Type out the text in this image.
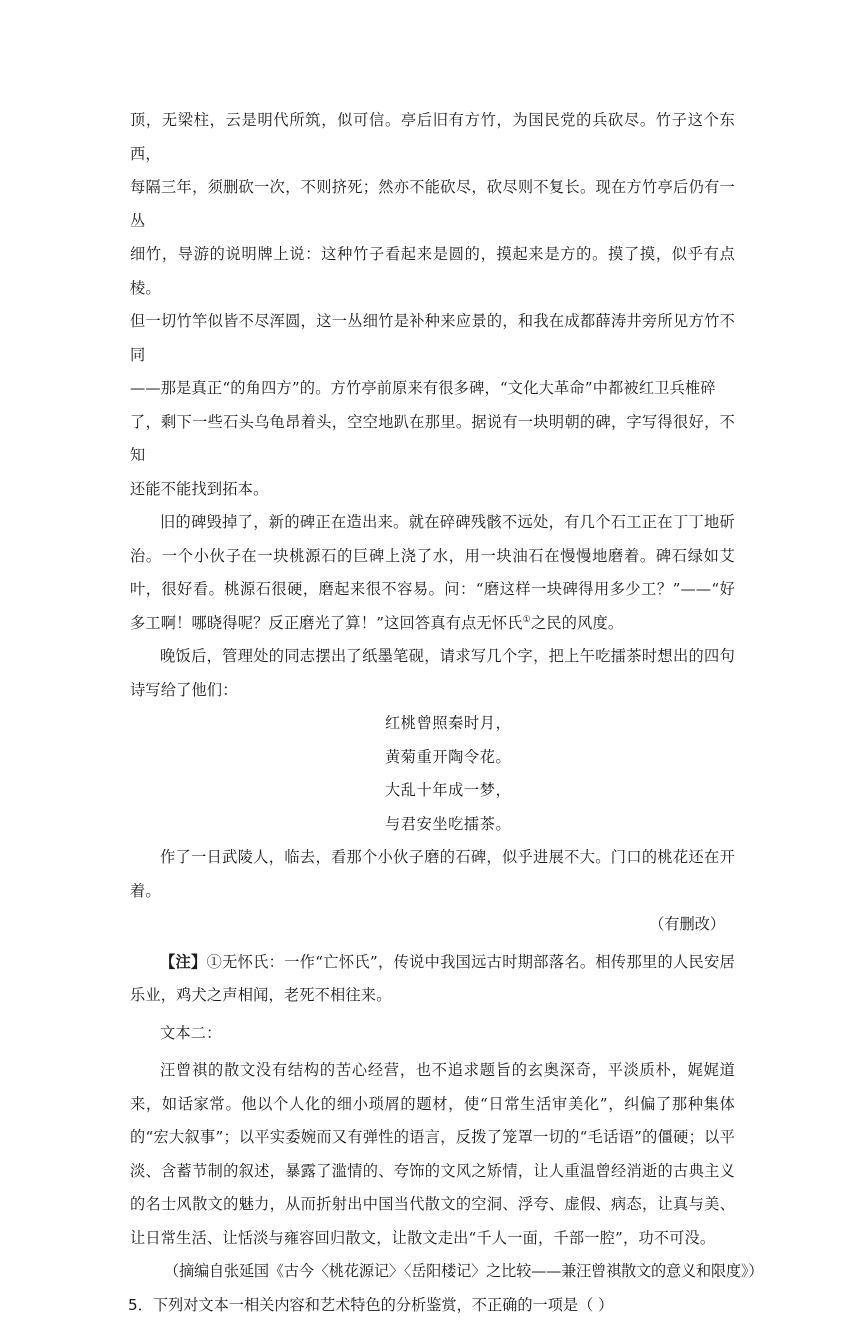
顶，无梁柱，云是明代所筑，似可信。亭后旧有方竹，为国民党的兵砍尽。竹子这个东西，
每隔三年，须删砍一次，不则挤死；然亦不能砍尽，砍尽则不复长。现在方竹亭后仍有一丛
细竹，导游的说明牌上说：这种竹子看起来是圆的，摸起来是方的。摸了摸，似乎有点棱。
但一切竹竿似皆不尽浑圆，这一丛细竹是补种来应景的，和我在成都薛涛井旁所见方竹不同
——那是真正“的角四方”的。方竹亭前原来有很多碑，“文化大革命”中都被红卫兵椎碎
了，剩下一些石头乌龟昂着头，空空地趴在那里。据说有一块明朝的碑，字写得很好，不知
还能不能找到拓本。

旧的碑毁掉了，新的碑正在造出来。就在碎碑残骸不远处，有几个石工正在丁丁地斫治。一个小伙子在一块桃源石的巨碑上浇了水，用一块油石在慢慢地磨着。碑石绿如艾叶，很好看。桃源石很硬，磨起来很不容易。问：“磨这样一块碑得用多少工？”——“好多工啊！哪晓得呢？反正磨光了算！”这回答真有点无怀氏①之民的风度。

晚饭后，管理处的同志摆出了纸墨笔砚，请求写几个字，把上午吃擂茶时想出的四句诗写给了他们：

红桃曾照秦时月，
黄菊重开陶令花。
大乱十年成一梦，
与君安坐吃擂茶。

作了一日武陵人，临去，看那个小伙子磨的石碑，似乎进展不大。门口的桃花还在开着。

（有删改）

【注】①无怀氏：一作“亡怀氏”，传说中我国远古时期部落名。相传那里的人民安居乐业，鸡犬之声相闻，老死不相往来。

文本二：

汪曾祺的散文没有结构的苦心经营，也不追求题旨的玄奥深奇，平淡质朴，娓娓道来，如话家常。他以个人化的细小琐屑的题材，使“日常生活审美化”，纠偏了那种集体的“宏大叙事”；以平实委婉而又有弹性的语言，反拨了笼罩一切的“毛话语”的僵硬；以平淡、含蓄节制的叙述，暴露了滥情的、夸饰的文风之矫情，让人重温曾经消逝的古典主义的名士风散文的魅力，从而折射出中国当代散文的空洞、浮夸、虚假、病态，让真与美、让日常生活、让恬淡与雍容回归散文，让散文走出“千人一面，千部一腔”，功不可没。

（摘编自张延国《古今〈桃花源记〉〈岳阳楼记〉之比较——兼汪曾祺散文的意义和限度》）

5．下列对文本一相关内容和艺术特色的分析鉴赏，不正确的一项是（ ）
